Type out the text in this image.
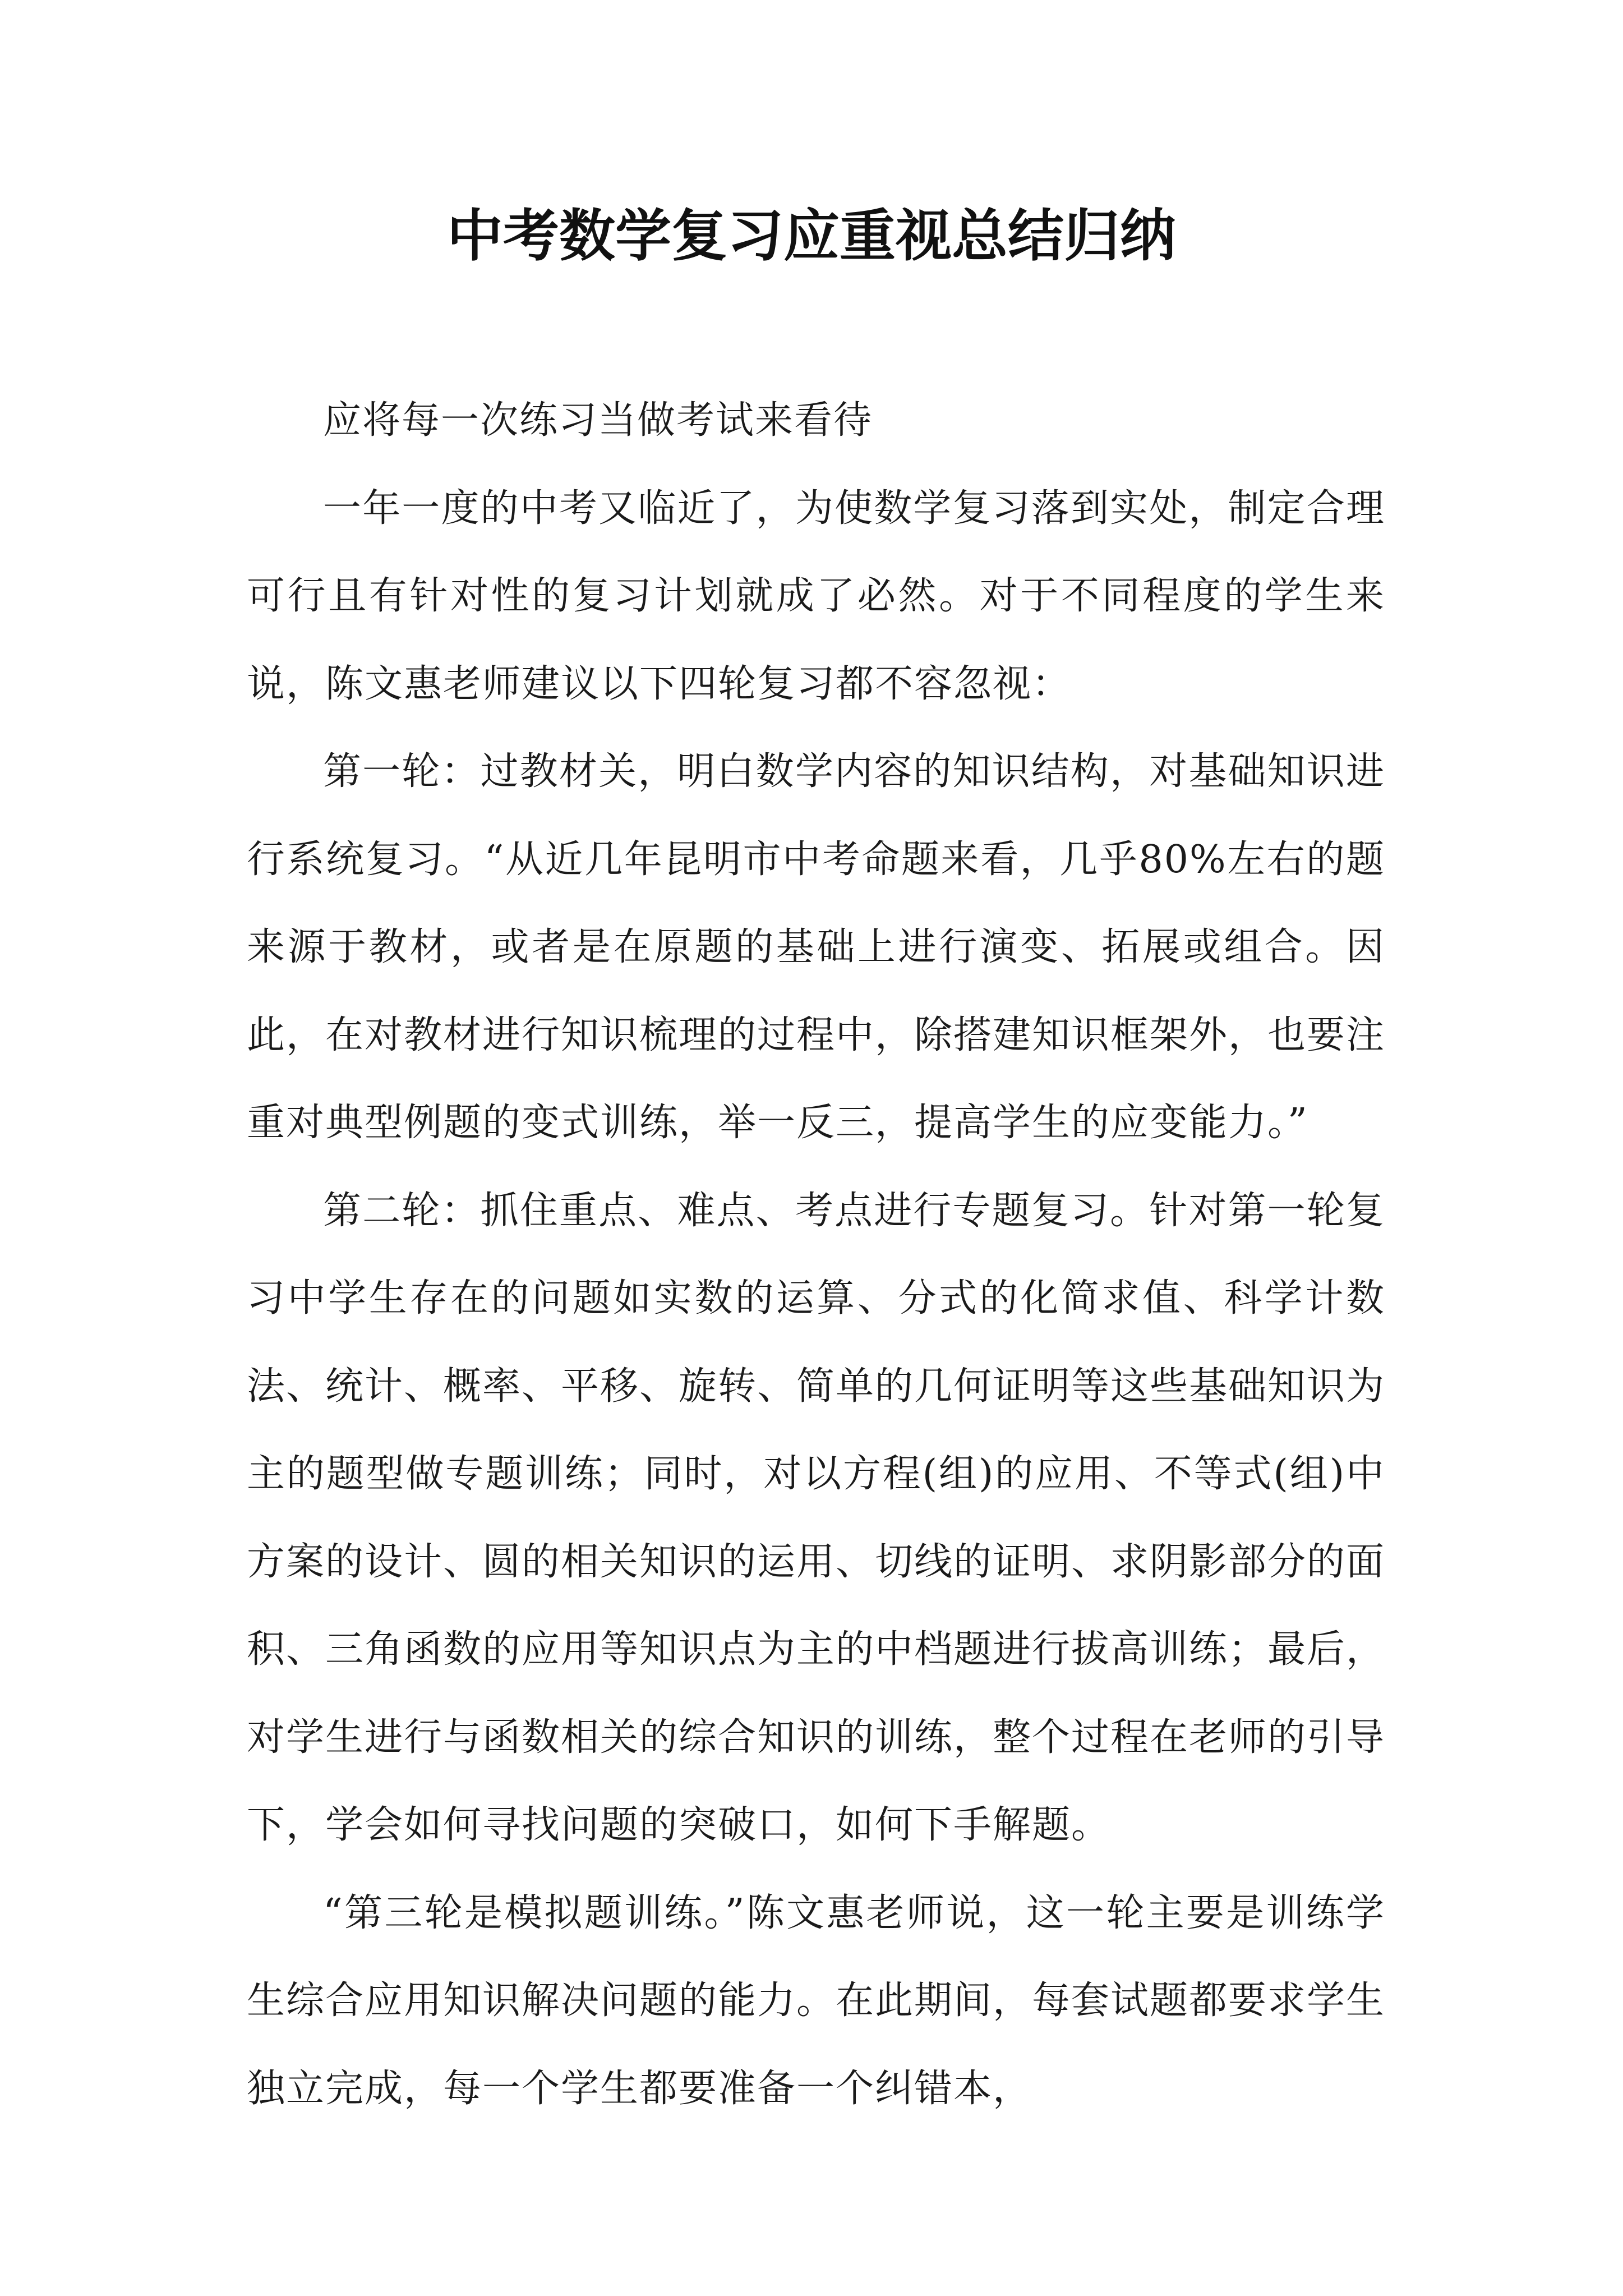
中考数学复习应重视总结归纳

应将每一次练习当做考试来看待

一年一度的中考又临近了，为使数学复习落到实处，制定合理可行且有针对性的复习计划就成了必然。对于不同程度的学生来说，陈文惠老师建议以下四轮复习都不容忽视：

第一轮：过教材关，明白数学内容的知识结构，对基础知识进行系统复习。“从近几年昆明市中考命题来看，几乎80%左右的题来源于教材，或者是在原题的基础上进行演变、拓展或组合。因此，在对教材进行知识梳理的过程中，除搭建知识框架外，也要注重对典型例题的变式训练，举一反三，提高学生的应变能力。”

第二轮：抓住重点、难点、考点进行专题复习。针对第一轮复习中学生存在的问题如实数的运算、分式的化简求值、科学计数法、统计、概率、平移、旋转、简单的几何证明等这些基础知识为主的题型做专题训练；同时，对以方程(组)的应用、不等式(组)中方案的设计、圆的相关知识的运用、切线的证明、求阴影部分的面积、三角函数的应用等知识点为主的中档题进行拔高训练；最后，对学生进行与函数相关的综合知识的训练，整个过程在老师的引导下，学会如何寻找问题的突破口，如何下手解题。

“第三轮是模拟题训练。”陈文惠老师说，这一轮主要是训练学生综合应用知识解决问题的能力。在此期间，每套试题都要求学生独立完成，每一个学生都要准备一个纠错本，
